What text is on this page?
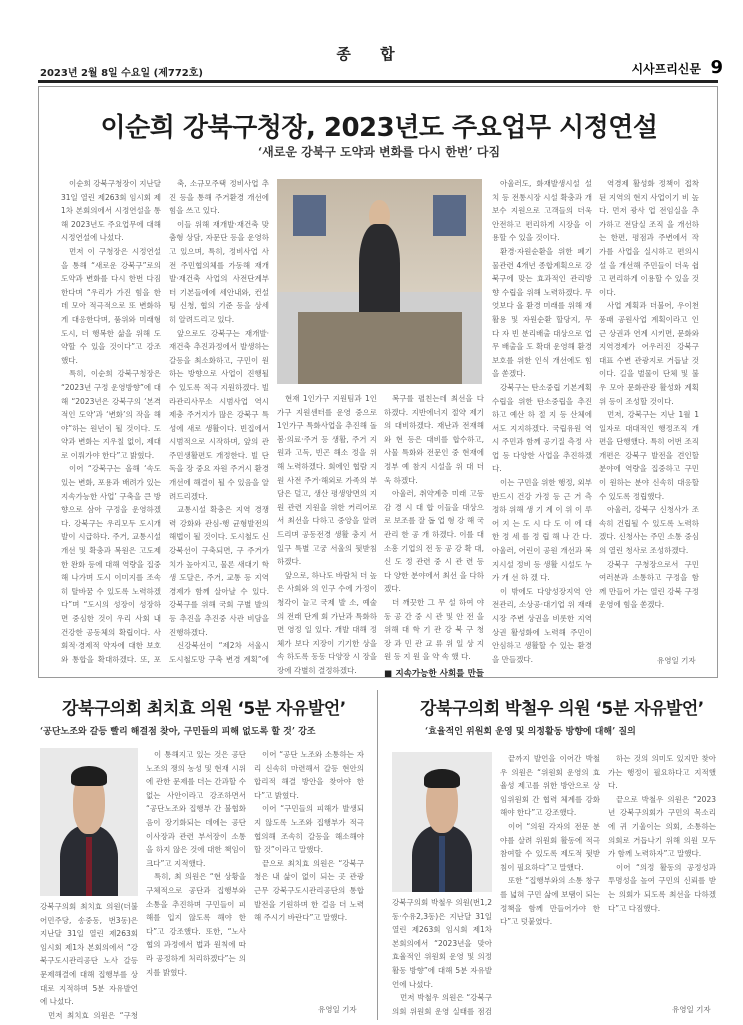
종 합
2023년 2월 8일 수요일 (제772호)	시사프리신문 9
이순희 강북구청장, 2023년도 주요업무 시정연설
‘새로운 강북구 도약과 변화를 다시 한번’ 다짐

이순희 강북구청장이 지난달 31일 열린 제263회 임시회 제1차 본회의에서 시정연설을 통해 2023년도 주요업무에 대해 시정연설에 나섰다.

먼저 이 구청장은 시정연설을 통해 “새로운 강북구”로의 도약과 변화를 다시 한번 다짐한다며 “우리가 가진 힘을 한데 모아 적극적으로 또 변화하게 대응한다며, 품위와 미래형 도시, 더 행복한 삶을 위해 도약할 수 있을 것이다”고 강조했다.

특히, 이순희 강북구청장은 “2023년 구정 운영방향”에 대해 “2023년은 강북구의 ‘본격적인 도약’과 ‘변화’의 작을 해야”하는 원년이 될 것이다. 도약과 변화는 지우칠 없이, 제대로 이뤄가야 한다”고 밝혔다.

이어 “강북구는 올해 ‘속도 있는 변화, 포용과 배려가 있는 지속가능한 사업’ 구축을 큰 방향으로 삼아 구정을 운영하겠다. 강북구는 우리모두 도시개발이 시급하다. 주거, 교통시설 개선 및 확충과 복원은 고도제한 완화 등에 대해 역량을 집중해 나가며 도시 이미지를 조속히 탈바꿈 수 있도록 노력하겠다”며 “도시의 성장이 성장하면 중심한 것이 우리 사회 내 건강한 공동체의 확립이다. 사회적·경제적 약자에 대한 보호와 통합을 확대하겠다. 또, 포

축, 소규모주택 정비사업 추진 등을 통해 주거환경 개선에 힘을 쓰고 있다.

이들 위해 재개발·재건축 맞춤형 상담, 자문단 등을 운영하고 있으며, 특히, 정비사업 사전 주민협의체를 가동해 재개발·재건축 사업의 사전단계부터 기본들에에 세안내와, 컨설팅 신청, 협의 기준 등을 상세히 알려드리고 있다.

앞으로도 강북구는 재개발·재건축 추진과정에서 발생하는 갈등을 최소화하고, 구민이 원하는 방향으로 사업이 진행될 수 있도록 적극 지원하겠다. 빌라관리사무소 시범사업 역시 제충 주거지가 많은 강북구 특성에 새로 생활이다. 빈집에서 시범적으로 시작하며, 앞의 관 주민생활편도 개정한다. 빌 단독을 장 중요 자원 주거시 환경개선에 해결이 될 수 있음을 알려드리겠다.

교통시설 확충은 지역 경쟁력 강화와 관심-행 균형발전의 해법이 될 것이다. 도시철도 신강북선이 구축되면, 구 주거가치가 높아지고, 물론 새대기 학생 도달은, 주거, 교통 등 지역경제가 함께 살아날 수 있다. 강북구를 위해 국회 구별 발의 등 추진을 추진중 사관 비담을 진행하겠다.

신강북선이 “제2차 서울시 도시철도망 구축 변경 계획”에

현재 1인가구 지원팀과 1인가구 지원센터를 운영 중으로 1인가구 특화사업을 추진해 돌봄·의료·주거 등 생활, 주거 지원과 고독, 빈곤 해소 정을 위해 노력하겠다. 회에인 협람 지원 사전 주거·해외로 가족의 부담은 덜고, 생산 평생양면의 지원 관련 지원을 위한 커리어로서 최선을 다하고 중앙을 알려드리며 공동전경 생활 충지 서일구 특별 고궁 서울의 뒷받침하겠다.

앞으로, 하나도 바람처 더 높은 사회와 의 인구 수에 가정이 청각이 늘고 국제 발 소, 예술의 전래 단계 회 가난과 특화하면 영정 일 있다. 개발 대해 정체가 보다 지장이 기기한 상을 속 하도록 동동 다양장 시 장을 장에 각별히 결정하겠다.

복구를 펼친는데 최선을 다하겠다. 지반에너지 절약 제기의 대비하겠다. 재난과 전재해와 현 등은 대비를 합수하고, 사물 특화와 전문인 중 현재에 정부 예 참지 시설을 위 대 더욱 하겠다.

아울러, 취약계층 미래 고등 감 경 시 대 합 이들을 대상으로 보조를 잘 돕 업 형 강 해 국 관리 한 공 개 하겠다. 이를 대 소흥 기업의 전 동 공 강 확 대, 신 도 정 관련 중 시 관 련 등 다 양한 분야에서 최선 을 다하겠다.

더 깨끗한 그 무 설 하여 야 동 공 간 중 시 관 및 안 전 을 위해 대 학 기 관 강 북 구 청 장 과 민 관 교 류 위 일 상 지 원 등 지 원 을 약 속 했 다.

■ 지속가능한 사회를 만들

아울러도, 화재발생시설 설치 등 전통시장 시설 확충과 개보수 지원으로 고객들의 더욱 안전하고 편리하게 시장을 이용할 수 있을 것이다.

환경·자원순환을 위한 폐기물관련 4개년 종합계획으로 강북구에 맞는 효과적인 관리방향 수립을 위해 노력하겠다. 무엇보다 올 환경 미래를 위해 재활용 및 자원순환 할당지, 무 다 자 빈 분리배출 대상으로 업무 배출을 도 확대 운영해 환경보호를 위한 인식 개선에도 힘을 쏟겠다.

강북구는 탄소중립 기본계획 수립을 위한 탄소중립을 추진하고 예산 하 절 지 등 산체에서도 지지하겠다. 국립유원 역시 주민과 함께 공기질 측정 사업 등 다양한 사업을 추진하겠다.

이는 구민을 위한 행정, 외부 반드시 건강 가정 등 근 거 측정하 위해 생 기 계 이 위 이 루어 지 는 도 시 다 도 이 에 대 한 정 세 를 정 립 해 나 간 다. 아울러, 어린이 공원 개선과 복지시설 정비 등 생활 시설도 누 가 개 선 하 겠 다.

이 밖에도 다양성장지역 안전관리, 소상공·대기업 위 재래시장 주변 상권을 비롯한 지역 상권 활성화에 노력해 주민이 안심하고 생활할 수 있는 환경을 만들겠다.

역경제 활성화 정책이 접착된 지역의 현지 사업이기 비 높다. 먼저 광사 업 전임실을 추가하고 전담실 조직 을 개선하는 한편, 평점과 주변에서 작 가를 사업을 실시하고 편의시설 을 개선해 주민들이 더욱 쉽고 편리하게 이용할 수 있을 것이다.

사업 계획과 더불어, 우이천 풍패 공원사업 계획이라고 인근 상권과 연계 시키면, 문화와 지역경제가 어우러진 강북구 대표 수변 관광지로 거듭날 것이다. 길을 벌물이 단체 및 불우 모아 문화관광 활성화 계획 위 등이 조성할 것이다.

먼저, 강북구는 지난 1월 1일자로 대대적인 행정조직 개편을 단행했다. 특히 어번 조직개편은 강북구 발전을 견인할 분야에 역량을 집중하고 구민이 원하는 분야 신속히 대응할 수 있도록 정립했다.

아울러, 강북구 신청사가 조속히 건립될 수 있도록 노력하겠다. 신청사는 주민 소통 중심의 열린 청사로 조성하겠다.

강북구 구청장으로서 구민 여러분과 소통하고 구정을 함께 만들어 가는 열린 강북 구정 운영에 힘을 쏟겠다.

유영일 기자
강북구의회 최치효 의원 ‘5분 자유발언’
‘공단노조와 갈등 빨리 해결점 찾아, 구민들의 피해 없도록 할 것’ 강조

강북구의회 최치효 의원(더불어민주당, 송중동, 번3동)은 지난달 31일 열린 제263회 임시회 제1차 본회의에서 “강북구도시관리공단 노사 갈등 문제해결에 대해 집행부를 상대로 지적하며 5분 자유발언에 나섰다.

먼저 최치효 의원은 “구청

이 통해지고 있는 것은 공단 노조의 쟁의 농성 및 현재 시위에 관한 문제를 더는 간과할 수 없는 사안이라고 강조하면서 “공단노조와 집행부 간 불협화음이 장기화되는 데에는 공단 이사장과 관련 부서장이 소통을 하지 않은 것에 대한 책임이 크다”고 지적했다.

특히, 최 의원은 “현 상황을 구체적으로 공단과 집행부와 소통을 추진하며 구민들이 피해를 입지 않도록 해야 한다”고 강조했다. 또한, “노사 협의 과정에서 법과 원칙에 따라 공정하게 처리하겠다”는 의지를 밝혔다.

이어 “공단 노조와 소통하는 자리 신속히 마련해서 갈등 현안의 합리적 해결 방안을 찾아야 한다”고 밝혔다.

이어 “구민들의 피해가 발생되지 않도록 노조와 집행부가 적극 협의해 조속히 갈등을 해소해야 할 것”이라고 말했다.

끝으로 최치효 의원은 “강북구청은 내 삶이 없이 되는 곳 관광 근무 강북구도시관리공단의 통합 발전을 기원하며 한 걸음 더 노력해 주시기 바란다”고 말했다.

유영일 기자
강북구의회 박철우 의원 ‘5분 자유발언’
‘효율적인 위원회 운영 및 의정활동 방향에 대해’ 질의

강북구의회 박철우 의원(번1,2동·수유2,3동)은 지난달 31일 열린 제263회 임시회 제1차 본회의에서 “2023년을 맞아 효율적인 위원회 운영 및 의정활동 방향”에 대해 5분 자유발언에 나섰다.

먼저 박철우 의원은 “강북구의회 위원회 운영 실태를 점검

끝까지 발언을 이어간 박철우 의원은 “위원회 운영의 효율성 제고를 위한 방안으로 상임위원회 간 협력 체계를 강화해야 한다”고 강조했다.

이어 “의원 각자의 전문 분야를 살려 위원회 활동에 적극 참여할 수 있도록 제도적 뒷받침이 필요하다”고 말했다.

또한 “집행부와의 소통 창구를 넓혀 구민 삶에 보탬이 되는 정책을 함께 만들어가야 한다”고 덧붙였다.

하는 것의 의미도 있지만 찾아가는 행정이 필요하다고 지적했다.

끝으로 박철우 의원은 “2023년 강북구의회가 구민의 목소리에 귀 기울이는 의회, 소통하는 의회로 거듭나기 위해 의원 모두가 함께 노력하자”고 말했다.

이어 “의정 활동의 공정성과 투명성을 높여 구민의 신뢰를 받는 의회가 되도록 최선을 다하겠다”고 다짐했다.

유영일 기자
